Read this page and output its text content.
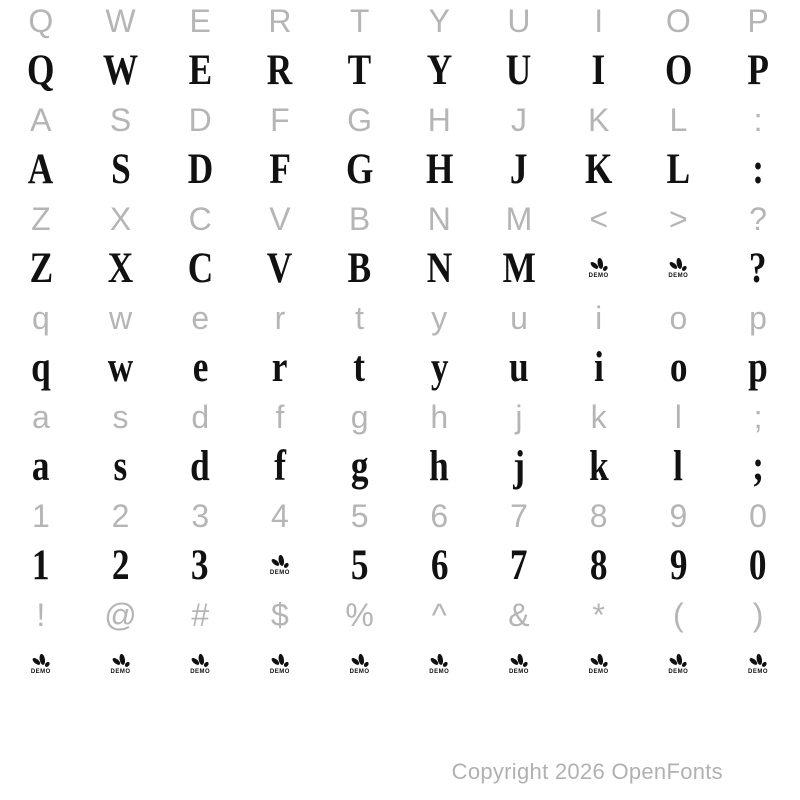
Q	W	E	R	T	Y	U	I	O	P
Q W E R T Y U I O P
A	S	D	F	G	H	J	K	L	:
A S D F G H J K L :
Z	X	C	V	B	N	M	<	>	?
Z X C V B N M	DEMO	DEMO ?
q	w	e	r	t	y	u	i	o	p
q w e r t y u i o p
a	s	d	f	g	h	j	k	l	;
a s d f g h j k l ;
1	2	3	4	5	6	7	8	9	0
1 2 3	DEMO 5 6 7 8 9 0
!	@	#	$	%	^	&	*	(	)
DEMO	DEMO	DEMO	DEMO	DEMO	DEMO	DEMO	DEMO	DEMO	DEMO
Copyright 2026 OpenFonts
